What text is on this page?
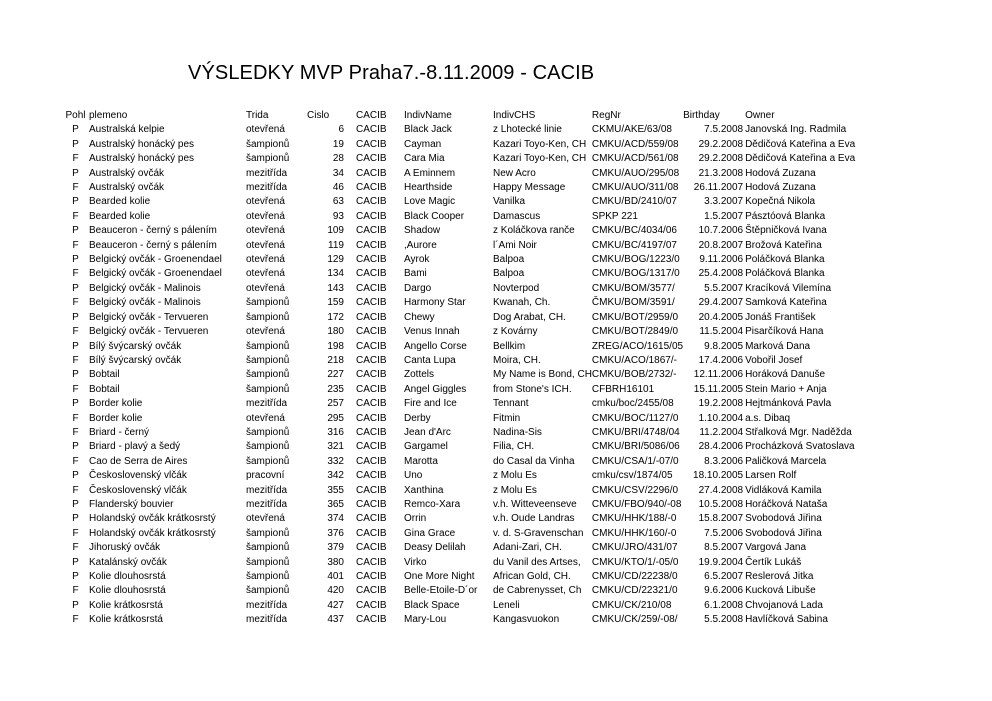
VÝSLEDKY MVP Praha7.-8.11.2009 - CACIB
Pohl	plemeno	Trida	Cislo	CACIB	IndivName	IndivCHS	RegNr	Birthday	Owner
P	Australská kelpie	otevřená	6	CACIB	Black Jack	z Lhotecké linie	CKMU/AKE/63/08	7.5.2008	Janovská Ing. Radmila
P	Australský honácký pes	šampionů	19	CACIB	Cayman	Kazari Toyo-Ken, CH	CMKU/ACD/559/08	29.2.2008	Dědičová Kateřina a Eva
F	Australský honácký pes	šampionů	28	CACIB	Cara Mia	Kazari Toyo-Ken, CH	CMKU/ACD/561/08	29.2.2008	Dědičová Kateřina a Eva
P	Australský ovčák	mezitřída	34	CACIB	A Eminnem	New Acro	CMKU/AUO/295/08	21.3.2008	Hodová Zuzana
F	Australský ovčák	mezitřída	46	CACIB	Hearthside	Happy Message	CMKU/AUO/311/08	26.11.2007	Hodová Zuzana
P	Bearded kolie	otevřená	63	CACIB	Love Magic	Vanilka	CMKU/BD/2410/07	3.3.2007	Kopečná Nikola
F	Bearded kolie	otevřená	93	CACIB	Black Cooper	Damascus	SPKP 221	1.5.2007	Pásztóová Blanka
P	Beauceron - černý s pálením	otevřená	109	CACIB	Shadow	z Koláčkova ranče	CMKU/BC/4034/06	10.7.2006	Štěpničková Ivana
F	Beauceron - černý s pálením	otevřená	119	CACIB	,Aurore	l´Ami Noir	CMKU/BC/4197/07	20.8.2007	Brožová Kateřina
P	Belgický ovčák - Groenendael	otevřená	129	CACIB	Ayrok	Balpoa	CMKU/BOG/1223/0	9.11.2006	Poláčková Blanka
F	Belgický ovčák - Groenendael	otevřená	134	CACIB	Bami	Balpoa	CMKU/BOG/1317/0	25.4.2008	Poláčková Blanka
P	Belgický ovčák - Malinois	otevřená	143	CACIB	Dargo	Novterpod	CMKU/BOM/3577/	5.5.2007	Kracíková Vilemína
F	Belgický ovčák - Malinois	šampionů	159	CACIB	Harmony Star	Kwanah, Ch.	ČMKU/BOM/3591/	29.4.2007	Samková Kateřina
P	Belgický ovčák - Tervueren	šampionů	172	CACIB	Chewy	Dog Arabat, CH.	CMKU/BOT/2959/0	20.4.2005	Jonáš František
F	Belgický ovčák - Tervueren	otevřená	180	CACIB	Venus Innah	z Kovárny	CMKU/BOT/2849/0	11.5.2004	Pisarčíková Hana
P	Bílý švýcarský ovčák	šampionů	198	CACIB	Angello Corse	Bellkim	ZREG/ACO/1615/05	9.8.2005	Marková Dana
F	Bílý švýcarský ovčák	šampionů	218	CACIB	Canta Lupa	Moira, CH.	CMKU/ACO/1867/-	17.4.2006	Vobořil Josef
P	Bobtail	šampionů	227	CACIB	Zottels	My Name is Bond, CH	CMKU/BOB/2732/-	12.11.2006	Horáková Danuše
F	Bobtail	šampionů	235	CACIB	Angel Giggles	from Stone's ICH.	CFBRH16101	15.11.2005	Stein Mario + Anja
P	Border kolie	mezitřída	257	CACIB	Fire and Ice	Tennant	cmku/boc/2455/08	19.2.2008	Hejtmánková Pavla
F	Border kolie	otevřená	295	CACIB	Derby	Fitmin	CMKU/BOC/1127/0	1.10.2004	a.s. Dibaq
F	Briard - černý	šampionů	316	CACIB	Jean d'Arc	Nadina-Sis	CMKU/BRI/4748/04	11.2.2004	Střalková Mgr. Naděžda
P	Briard - plavý a šedý	šampionů	321	CACIB	Gargamel	Filia, CH.	CMKU/BRI/5086/06	28.4.2006	Procházková Svatoslava
F	Cao de Serra de Aires	šampionů	332	CACIB	Marotta	do Casal da Vinha	CMKU/CSA/1/-07/0	8.3.2006	Paličková Marcela
P	Československý vlčák	pracovní	342	CACIB	Uno	z Molu Es	cmku/csv/1874/05	18.10.2005	Larsen Rolf
F	Československý vlčák	mezitřída	355	CACIB	Xanthina	z Molu Es	CMKU/CSV/2296/0	27.4.2008	Vidláková Kamila
P	Flanderský bouvier	mezitřída	365	CACIB	Remco-Xara	v.h. Witteveenseve	CMKU/FBO/940/-08	10.5.2008	Horáčková Nataša
P	Holandský ovčák krátkosrstý	otevřená	374	CACIB	Orrin	v.h. Oude Landras	CMKU/HHK/188/-0	15.8.2007	Svobodová Jiřina
F	Holandský ovčák krátkosrstý	šampionů	376	CACIB	Gina Grace	v. d. S-Gravenschan	CMKU/HHK/160/-0	7.5.2006	Svobodová Jiřina
F	Jihoruský ovčák	šampionů	379	CACIB	Deasy Delilah	Adani-Zari, CH.	CMKU/JRO/431/07	8.5.2007	Vargová Jana
P	Katalánský ovčák	šampionů	380	CACIB	Virko	du Vanil des Artses,	CMKU/KTO/1/-05/0	19.9.2004	Čertík Lukáš
P	Kolie dlouhosrstá	šampionů	401	CACIB	One More Night	African Gold, CH.	CMKU/CD/22238/0	6.5.2007	Reslerová Jitka
F	Kolie dlouhosrstá	šampionů	420	CACIB	Belle-Etoile-D´or	de Cabrenysset, Ch	CMKU/CD/22321/0	9.6.2006	Kucková Libuše
P	Kolie krátkosrstá	mezitřída	427	CACIB	Black Space	Leneli	CMKU/CK/210/08	6.1.2008	Chvojanová Lada
F	Kolie krátkosrstá	mezitřída	437	CACIB	Mary-Lou	Kangasvuokon	CMKU/CK/259/-08/	5.5.2008	Havlíčková Sabina
